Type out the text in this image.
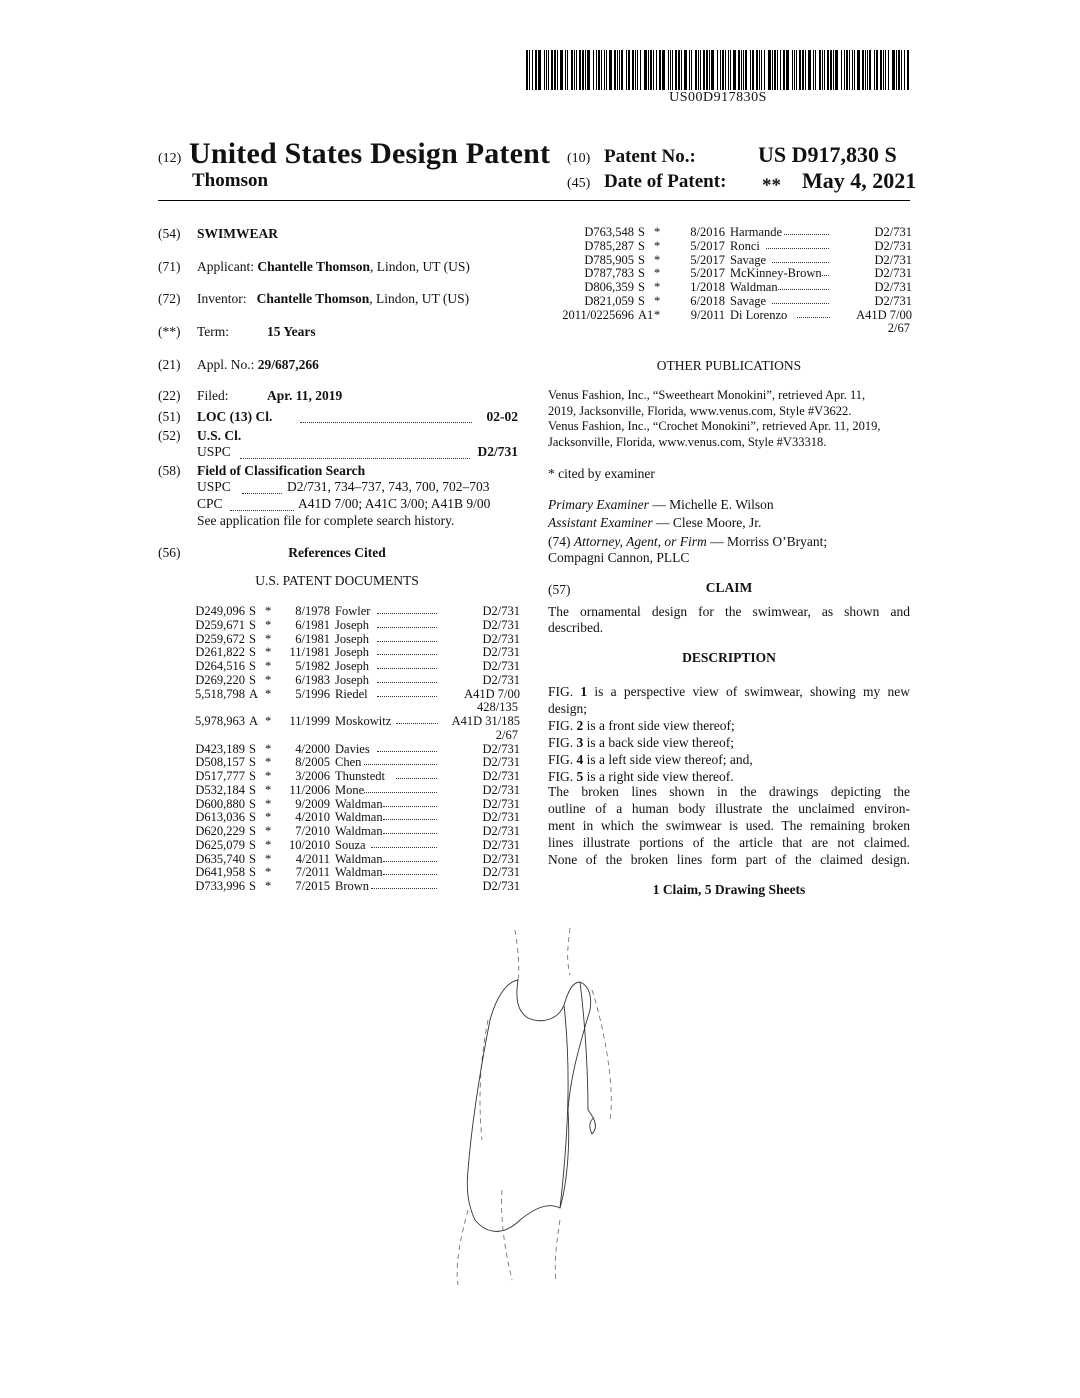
US00D917830S
(12) United States Design Patent
Thomson
(10) Patent No.:	US D917,830 S
(45) Date of Patent: ** May 4, 2021
(54) SWIMWEAR
(71) Applicant: Chantelle Thomson, Lindon, UT (US)
(72) Inventor: Chantelle Thomson, Lindon, UT (US)
(**) Term:	15 Years
(21) Appl. No.: 29/687,266
(22) Filed:	Apr. 11, 2019
(51) LOC (13) Cl.	02-02
(52) U.S. Cl.
USPC	D2/731
(58) Field of Classification Search
USPC	D2/731, 734–737, 743, 700, 702–703
CPC	A41D 7/00; A41C 3/00; A41B 9/00
See application file for complete search history.
(56)	References Cited
U.S. PATENT DOCUMENTS
D249,096 S *	8/1978 Fowler	D2/731
D259,671 S *	6/1981 Joseph	D2/731
D259,672 S *	6/1981 Joseph	D2/731
D261,822 S * 11/1981 Joseph	D2/731
D264,516 S *	5/1982 Joseph	D2/731
D269,220 S *	6/1983 Joseph	D2/731
5,518,798 A *	5/1996 Riedel	A41D 7/00
428/135
5,978,963 A * 11/1999 Moskowitz	A41D 31/185
2/67
D423,189 S *	4/2000 Davies	D2/731
D508,157 S *	8/2005 Chen	D2/731
D517,777 S *	3/2006 Thunstedt	D2/731
D532,184 S * 11/2006 Mone	D2/731
D600,880 S *	9/2009 Waldman	D2/731
D613,036 S *	4/2010 Waldman	D2/731
D620,229 S *	7/2010 Waldman	D2/731
D625,079 S * 10/2010 Souza	D2/731
D635,740 S *	4/2011 Waldman	D2/731
D641,958 S *	7/2011 Waldman	D2/731
D733,996 S *	7/2015 Brown	D2/731
D763,548 S *	8/2016 Harmande	D2/731
D785,287 S *	5/2017 Ronci	D2/731
D785,905 S *	5/2017 Savage	D2/731
D787,783 S *	5/2017 McKinney-Brown	D2/731
D806,359 S *	1/2018 Waldman	D2/731
D821,059 S *	6/2018 Savage	D2/731
2011/0225696 A1 *	9/2011 Di Lorenzo	A41D 7/00
2/67
OTHER PUBLICATIONS
Venus Fashion, Inc., “Sweetheart Monokini”, retrieved Apr. 11,
2019, Jacksonville, Florida, www.venus.com, Style #V3622.
Venus Fashion, Inc., “Crochet Monokini”, retrieved Apr. 11, 2019,
Jacksonville, Florida, www.venus.com, Style #V33318.
* cited by examiner
Primary Examiner — Michelle E. Wilson
Assistant Examiner — Clese Moore, Jr.
(74) Attorney, Agent, or Firm — Morriss O’Bryant;
Compagni Cannon, PLLC
(57)	CLAIM
The ornamental design for the swimwear, as shown and
described.
DESCRIPTION
FIG. 1 is a perspective view of swimwear, showing my new
design;
FIG. 2 is a front side view thereof;
FIG. 3 is a back side view thereof;
FIG. 4 is a left side view thereof; and,
FIG. 5 is a right side view thereof.
The broken lines shown in the drawings depicting the
outline of a human body illustrate the unclaimed environ-
ment in which the swimwear is used. The remaining broken
lines illustrate portions of the article that are not claimed.
None of the broken lines form part of the claimed design.
1 Claim, 5 Drawing Sheets
